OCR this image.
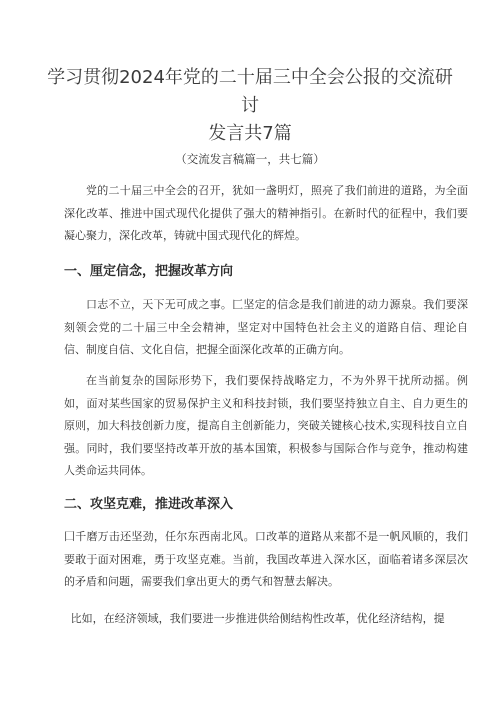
学习贯彻2024年党的二十届三中全会公报的交流研讨
发言共7篇
（交流发言稿篇一，共七篇）

党的二十届三中全会的召开，犹如一盏明灯，照亮了我们前进的道路，为全面深化改革、推进中国式现代化提供了强大的精神指引。在新时代的征程中，我们要凝心聚力，深化改革，铸就中国式现代化的辉煌。

一、厘定信念，把握改革方向

口志不立，天下无可成之事。匚坚定的信念是我们前进的动力源泉。我们要深刻领会党的二十届三中全会精神，坚定对中国特色社会主义的道路自信、理论自信、制度自信、文化自信，把握全面深化改革的正确方向。

在当前复杂的国际形势下，我们要保持战略定力，不为外界干扰所动摇。例如，面对某些国家的贸易保护主义和科技封锁，我们要坚持独立自主、自力更生的原则，加大科技创新力度，提高自主创新能力，突破关键核心技术,实现科技自立自强。同时，我们要坚持改革开放的基本国策，积极参与国际合作与竞争，推动构建人类命运共同体。

二、攻坚克难，推进改革深入

囗千磨万击还坚劲，任尔东西南北风。口改革的道路从来都不是一帆风顺的，我们要敢于面对困难，勇于攻坚克难。当前，我国改革进入深水区，面临着诸多深层次的矛盾和问题，需要我们拿出更大的勇气和智慧去解决。

比如，在经济领域，我们要进一步推进供给侧结构性改革，优化经济结构，提
